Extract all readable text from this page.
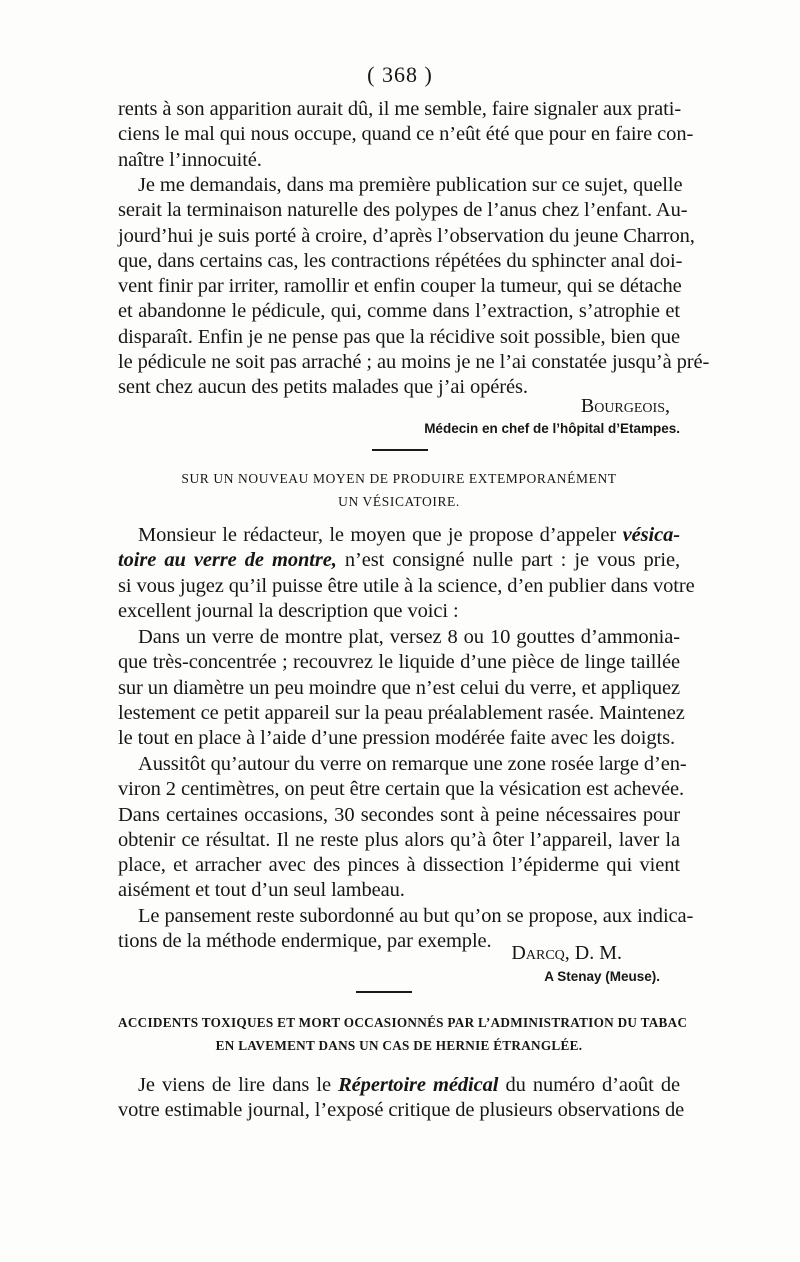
( 368 )
rents à son apparition aurait dû, il me semble, faire signaler aux prati-
ciens le mal qui nous occupe, quand ce n’eût été que pour en faire con-
naître l’innocuité.
Je me demandais, dans ma première publication sur ce sujet, quelle
serait la terminaison naturelle des polypes de l’anus chez l’enfant. Au-
jourd’hui je suis porté à croire, d’après l’observation du jeune Charron,
que, dans certains cas, les contractions répétées du sphincter anal doi-
vent finir par irriter, ramollir et enfin couper la tumeur, qui se détache
et abandonne le pédicule, qui, comme dans l’extraction, s’atrophie et
disparaît. Enfin je ne pense pas que la récidive soit possible, bien que
le pédicule ne soit pas arraché ; au moins je ne l’ai constatée jusqu’à pré-
sent chez aucun des petits malades que j’ai opérés.
Bourgeois,
Médecin en chef de l’hôpital d’Etampes.
SUR UN NOUVEAU MOYEN DE PRODUIRE EXTEMPORANÉMENT
UN VÉSICATOIRE.
Monsieur le rédacteur, le moyen que je propose d’appeler vésica-
toire au verre de montre, n’est consigné nulle part : je vous prie,
si vous jugez qu’il puisse être utile à la science, d’en publier dans votre
excellent journal la description que voici :
Dans un verre de montre plat, versez 8 ou 10 gouttes d’ammonia-
que très-concentrée ; recouvrez le liquide d’une pièce de linge taillée
sur un diamètre un peu moindre que n’est celui du verre, et appliquez
lestement ce petit appareil sur la peau préalablement rasée. Maintenez
le tout en place à l’aide d’une pression modérée faite avec les doigts.
Aussitôt qu’autour du verre on remarque une zone rosée large d’en-
viron 2 centimètres, on peut être certain que la vésication est achevée.
Dans certaines occasions, 30 secondes sont à peine nécessaires pour
obtenir ce résultat. Il ne reste plus alors qu’à ôter l’appareil, laver la
place, et arracher avec des pinces à dissection l’épiderme qui vient
aisément et tout d’un seul lambeau.
Le pansement reste subordonné au but qu’on se propose, aux indica-
tions de la méthode endermique, par exemple.
Darcq, D. M.
A Stenay (Meuse).
ACCIDENTS TOXIQUES ET MORT OCCASIONNÉS PAR L’ADMINISTRATION DU TABAC
EN LAVEMENT DANS UN CAS DE HERNIE ÉTRANGLÉE.
Je viens de lire dans le Répertoire médical du numéro d’août de
votre estimable journal, l’exposé critique de plusieurs observations de
